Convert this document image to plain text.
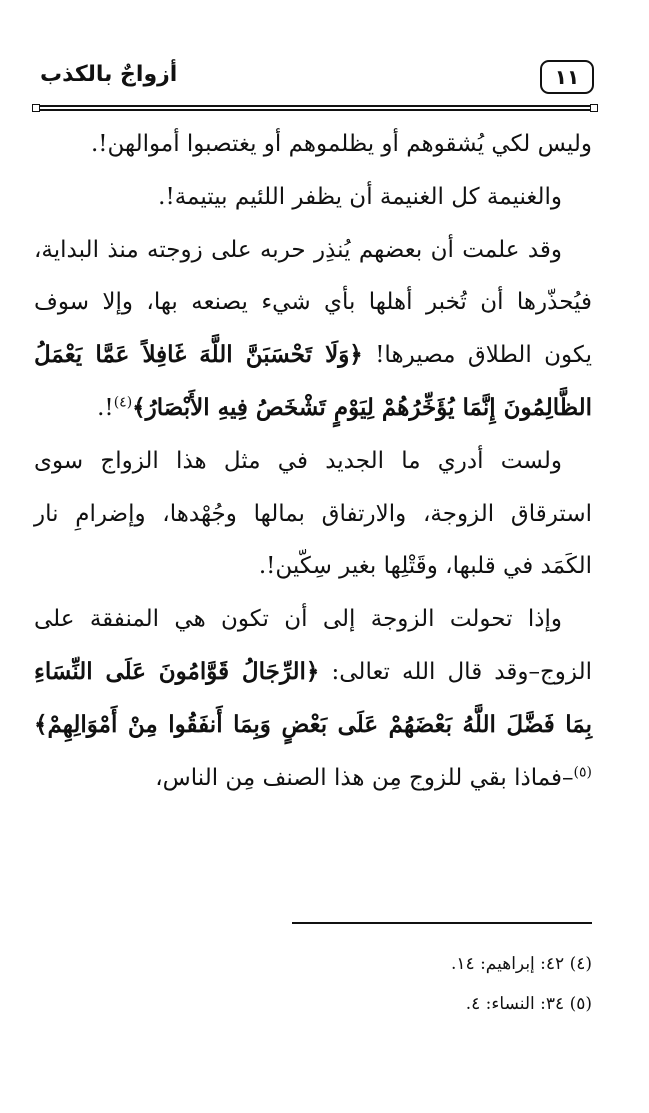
١١
أزواجٌ بالكذب

وليس لكي يُشقوهم أو يظلموهم أو يغتصبوا أموالهن!.

والغنيمة كل الغنيمة أن يظفر اللئيم بيتيمة!.

وقد علمت أن بعضهم يُنذِر حربه على زوجته منذ البداية، فيُحذّرها أن تُخبر أهلها بأي شيء يصنعه بها، وإلا سوف يكون الطلاق مصيرها! ﴿وَلَا تَحْسَبَنَّ اللَّهَ غَافِلاً عَمَّا يَعْمَلُ الظَّالِمُونَ إِنَّمَا يُؤَخِّرُهُمْ لِيَوْمٍ تَشْخَصُ فِيهِ الأَبْصَارُ﴾$^{(٤)}$!.

ولست أدري ما الجديد في مثل هذا الزواج سوى استرقاق الزوجة، والارتفاق بمالها وجُهْدها، وإضرامِ نار الكَمَد في قلبها، وقَتْلِها بغير سِكّين!.

وإذا تحولت الزوجة إلى أن تكون هي المنفقة على الزوج–وقد قال الله تعالى: ﴿الرِّجَالُ قَوَّامُونَ عَلَى النِّسَاءِ بِمَا فَضَّلَ اللَّهُ بَعْضَهُمْ عَلَى بَعْضٍ وَبِمَا أَنفَقُوا مِنْ أَمْوَالِهِمْ﴾$^{(٥)}$–فماذا بقي للزوج مِن هذا الصنف مِن الناس،

(٤) ٤٢: إبراهيم: ١٤.
(٥) ٣٤: النساء: ٤.
